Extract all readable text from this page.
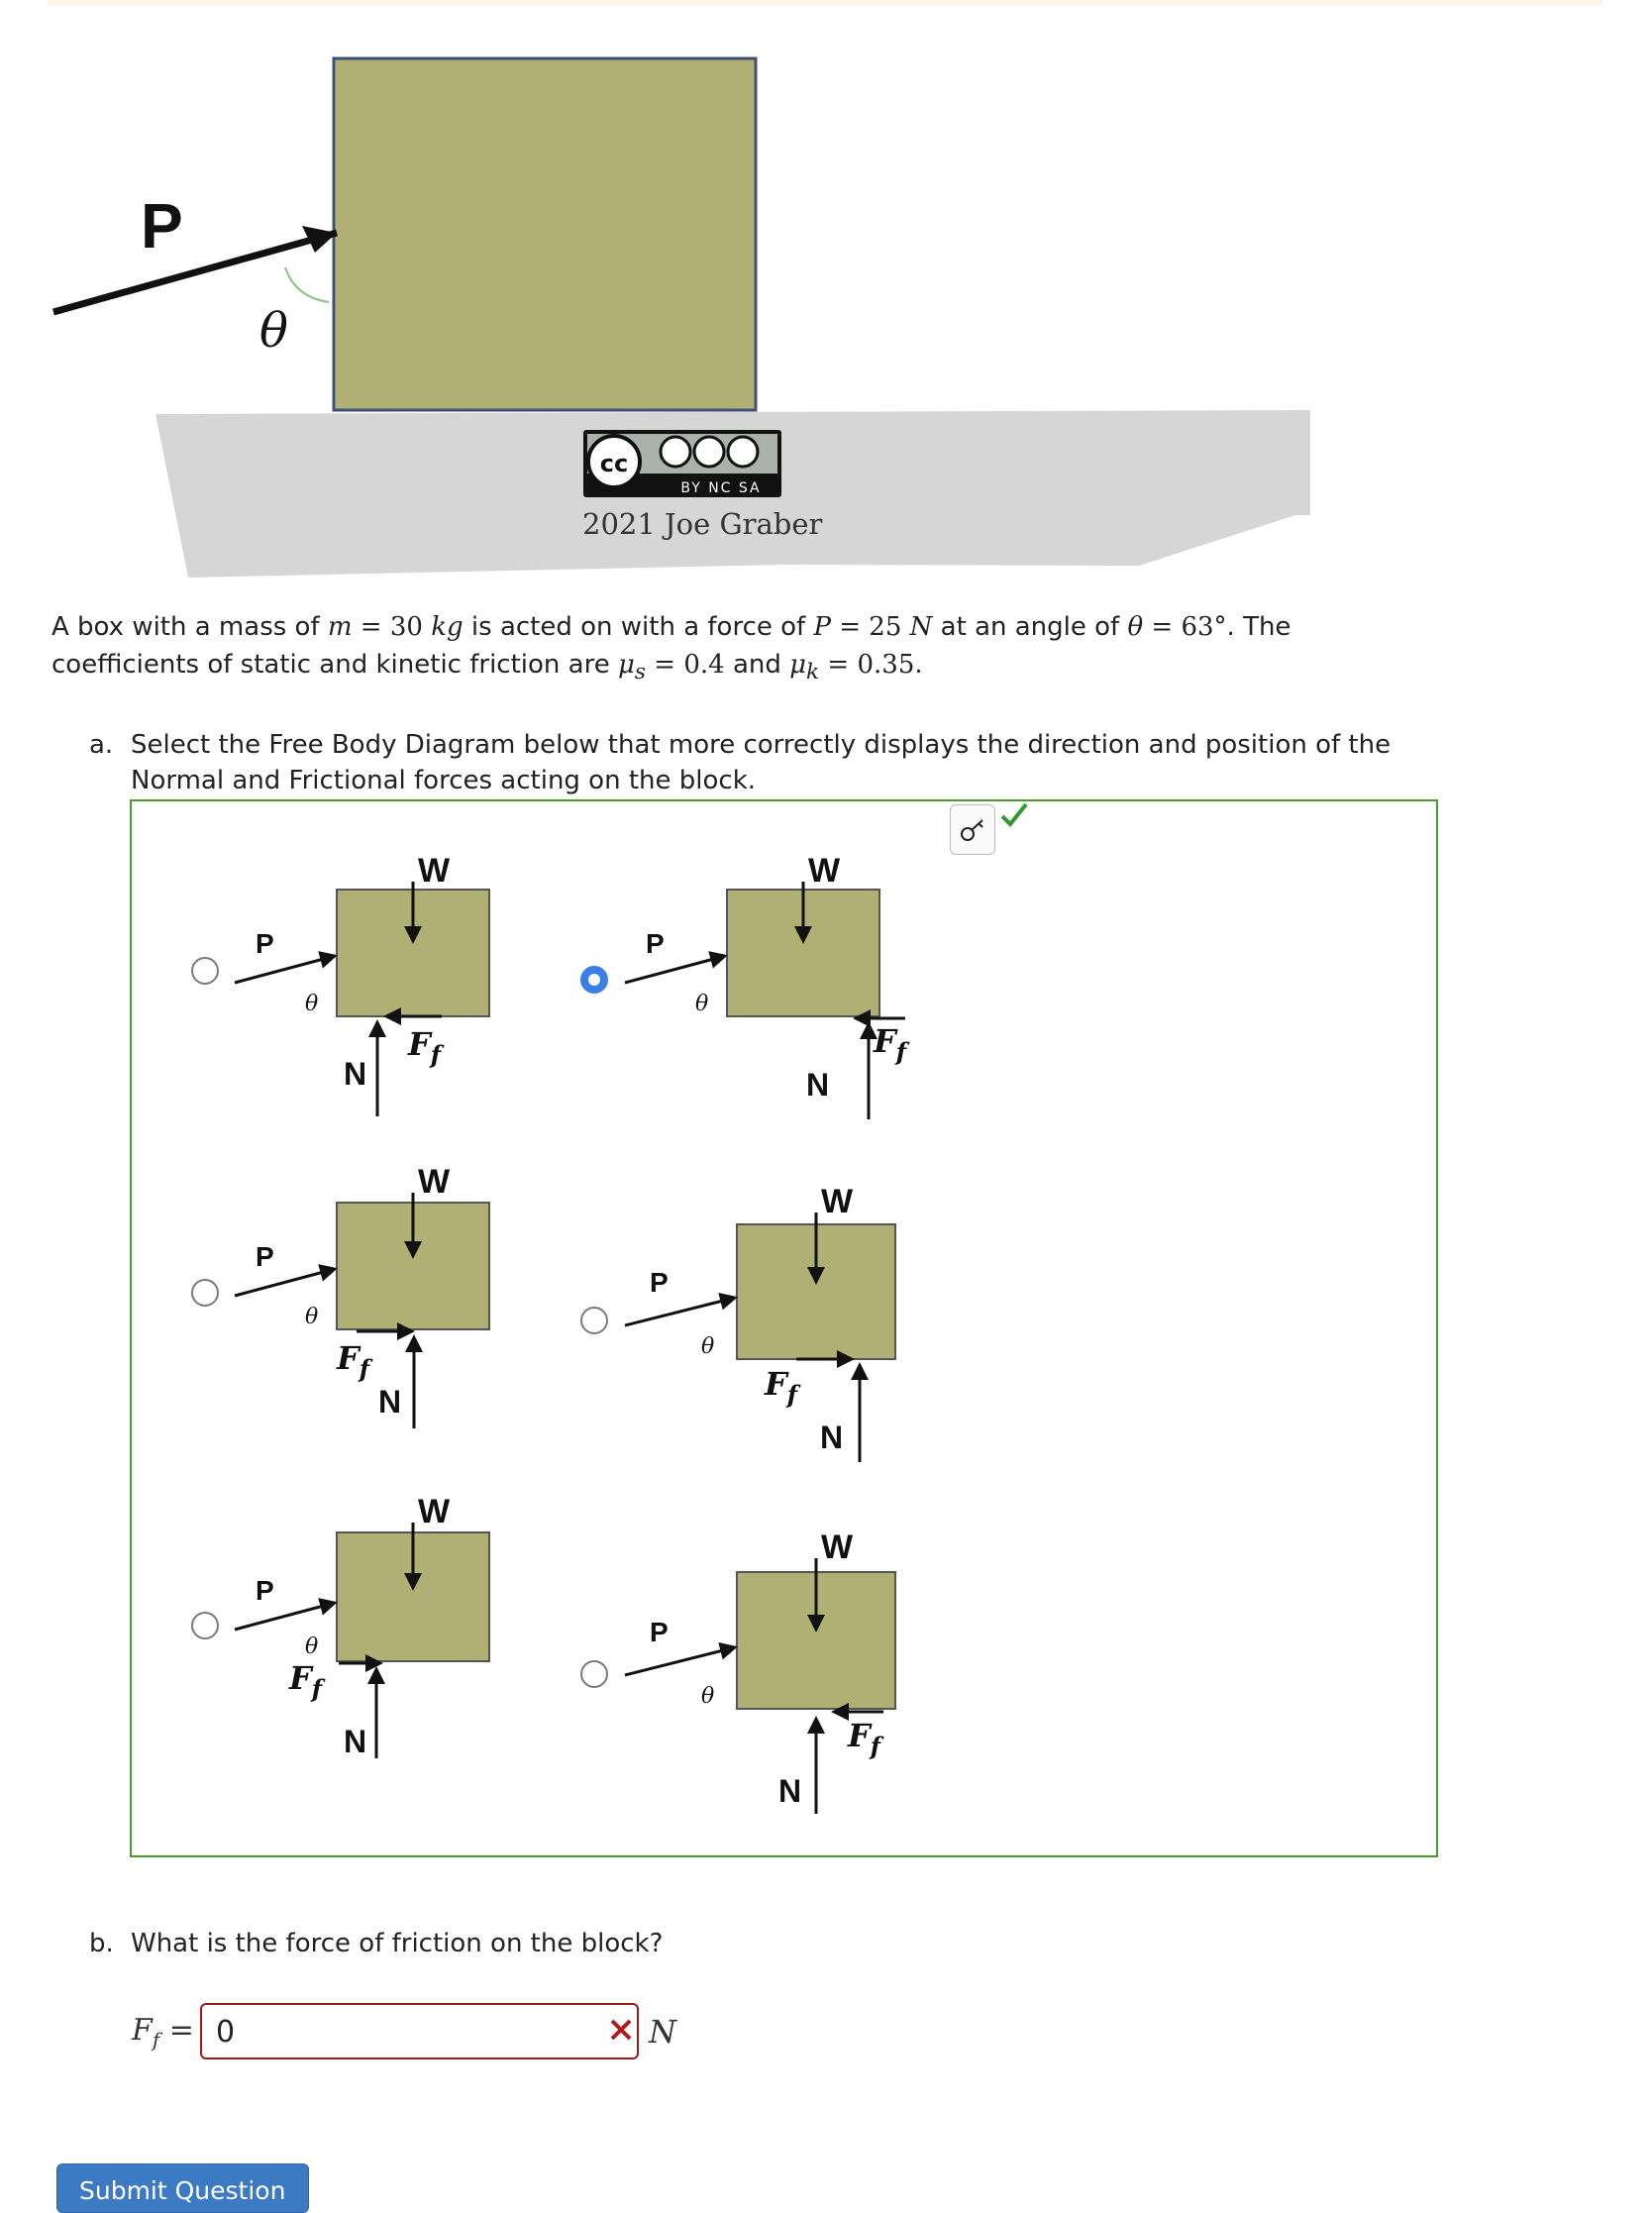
P
θ
cc
BY NC SA
2021 Joe Graber
A box with a mass of m = 30 kg is acted on with a force of P = 25 N at an angle of θ = 63°. The
coefficients of static and kinetic friction are $\mu_s = 0.4$ and $\mu_k = 0.35$.
a. Select the Free Body Diagram below that more correctly displays the direction and position of the Normal and Frictional forces acting on the block.
W
P
θ
$F_f$
N
W
P
θ
$F_f$
N
W
P
θ
$F_f$
N
W
P
θ
$F_f$
N
W
P
θ
$F_f$
N
W
P
θ
$F_f$
N
b. What is the force of friction on the block?
$F_f = 0$	N
Submit Question
